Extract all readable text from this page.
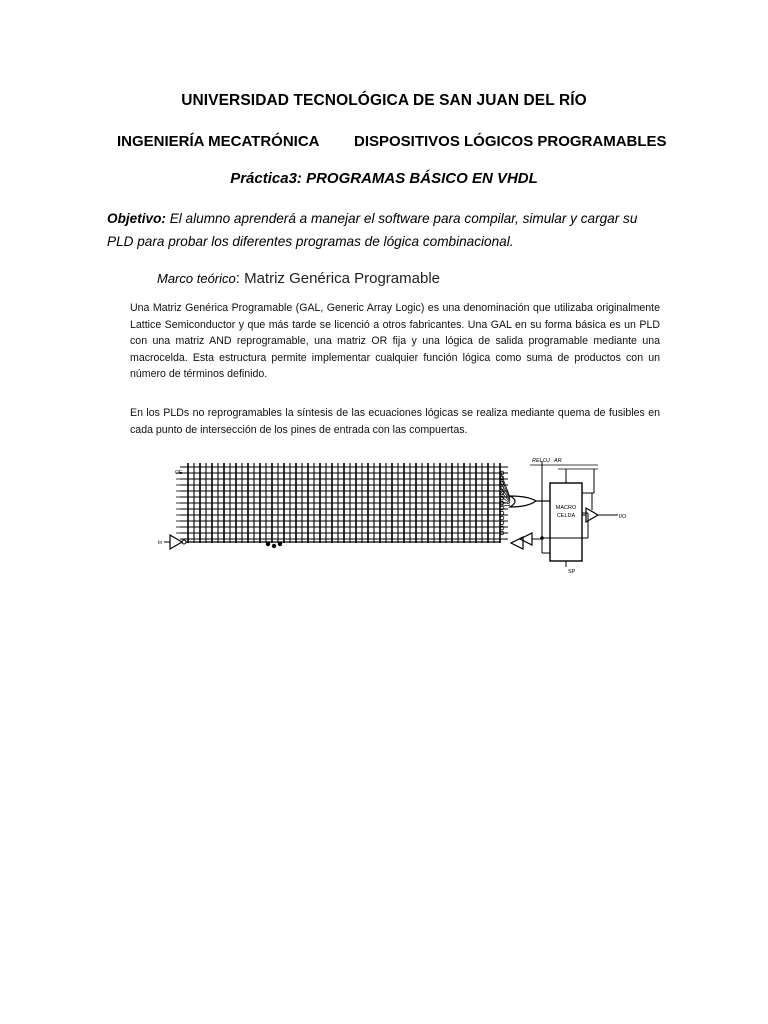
UNIVERSIDAD TECNOLÓGICA DE SAN JUAN DEL RÍO
INGENIERÍA MECATRÓNICA DISPOSITIVOS LÓGICOS PROGRAMABLES
Práctica3: PROGRAMAS BÁSICO EN VHDL
Objetivo: El alumno aprenderá a manejar el software para compilar, simular y cargar su PLD para probar los diferentes programas de lógica combinacional.
Marco teórico: Matriz Genérica Programable
Una Matriz Genérica Programable (GAL, Generic Array Logic) es una denominación que utilizaba originalmente Lattice Semiconductor y que más tarde se licenció a otros fabricantes. Una GAL en su forma básica es un PLD con una matriz AND reprogramable, una matriz OR fija y una lógica de salida programable mediante una macrocelda. Esta estructura permite implementar cualquier función lógica como suma de productos con un número de términos definido.
En los PLDs no reprogramables la síntesis de las ecuaciones lógicas se realiza mediante quema de fusibles en cada punto de intersección de los pines de entrada con las compuertas.
MACRO
CELDA	I/O
RELOJ AR
SP
OE
In
